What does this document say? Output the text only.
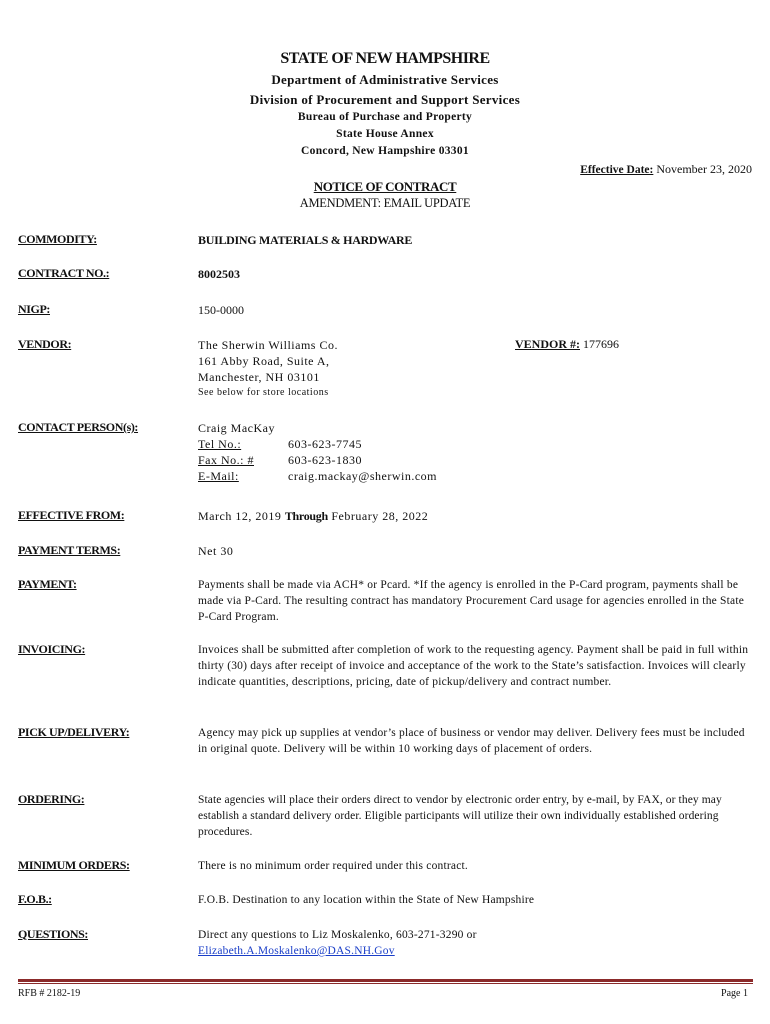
STATE OF NEW HAMPSHIRE
Department of Administrative Services
Division of Procurement and Support Services
Bureau of Purchase and Property
State House Annex
Concord, New Hampshire 03301
Effective Date: November 23, 2020
NOTICE OF CONTRACT
AMENDMENT: EMAIL UPDATE
COMMODITY:	BUILDING MATERIALS & HARDWARE
CONTRACT NO.:	8002503
NIGP:	150-0000
VENDOR:	The Sherwin Williams Co.
161 Abby Road, Suite A,
Manchester, NH 03101
See below for store locations
VENDOR #: 177696
CONTACT PERSON(s):	Craig MacKay
Tel No.:	603-623-7745
Fax No.: #	603-623-1830
E-Mail:	craig.mackay@sherwin.com
EFFECTIVE FROM:	March 12, 2019 Through February 28, 2022
PAYMENT TERMS:	Net 30
PAYMENT:	Payments shall be made via ACH* or Pcard. *If the agency is enrolled in the P-Card program, payments shall be made via P-Card. The resulting contract has mandatory Procurement Card usage for agencies enrolled in the State P-Card Program.
INVOICING:	Invoices shall be submitted after completion of work to the requesting agency. Payment shall be paid in full within thirty (30) days after receipt of invoice and acceptance of the work to the State’s satisfaction. Invoices will clearly indicate quantities, descriptions, pricing, date of pickup/delivery and contract number.
PICK UP/DELIVERY:	Agency may pick up supplies at vendor’s place of business or vendor may deliver. Delivery fees must be included in original quote. Delivery will be within 10 working days of placement of orders.
ORDERING:	State agencies will place their orders direct to vendor by electronic order entry, by e-mail, by FAX, or they may establish a standard delivery order. Eligible participants will utilize their own individually established ordering procedures.
MINIMUM ORDERS:	There is no minimum order required under this contract.
F.O.B.:	F.O.B. Destination to any location within the State of New Hampshire
QUESTIONS:	Direct any questions to Liz Moskalenko, 603-271-3290 or
Elizabeth.A.Moskalenko@DAS.NH.Gov
RFB # 2182-19	Page 1
